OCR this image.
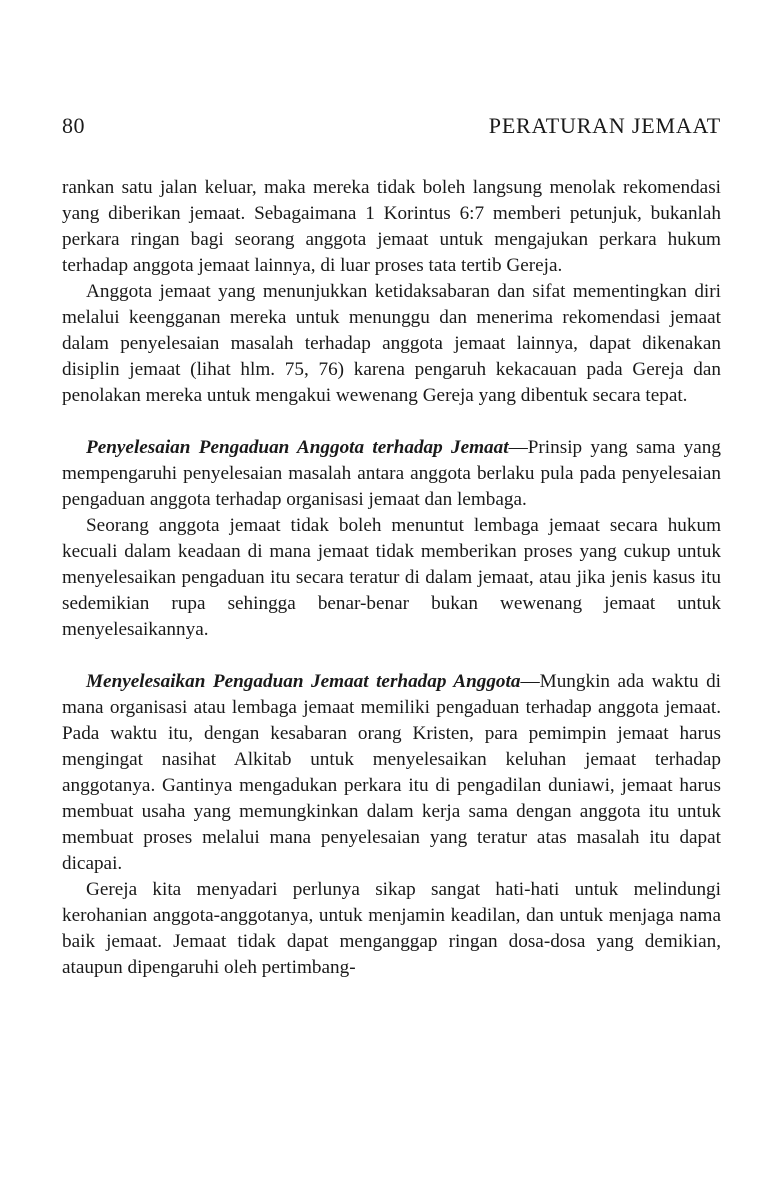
80	PERATURAN JEMAAT

rankan satu jalan keluar, maka mereka tidak boleh langsung menolak rekomendasi yang diberikan jemaat. Sebagaimana 1 Korintus 6:7 memberi petunjuk, bukanlah perkara ringan bagi seorang anggota jemaat untuk mengajukan perkara hukum terhadap anggota jemaat lainnya, di luar proses tata tertib Gereja.

Anggota jemaat yang menunjukkan ketidaksabaran dan sifat mementingkan diri melalui keengganan mereka untuk menunggu dan menerima rekomendasi jemaat dalam penyelesaian masalah terhadap anggota jemaat lainnya, dapat dikenakan disiplin jemaat (lihat hlm. 75, 76) karena pengaruh kekacauan pada Gereja dan penolakan mereka untuk mengakui wewenang Gereja yang dibentuk secara tepat.

Penyelesaian Pengaduan Anggota terhadap Jemaat—Prinsip yang sama yang mempengaruhi penyelesaian masalah antara anggota berlaku pula pada penyelesaian pengaduan anggota terhadap organisasi jemaat dan lembaga.

Seorang anggota jemaat tidak boleh menuntut lembaga jemaat secara hukum kecuali dalam keadaan di mana jemaat tidak memberikan proses yang cukup untuk menyelesaikan pengaduan itu secara teratur di dalam jemaat, atau jika jenis kasus itu sedemikian rupa sehingga benar-benar bukan wewenang jemaat untuk menyelesaikannya.

Menyelesaikan Pengaduan Jemaat terhadap Anggota—Mungkin ada waktu di mana organisasi atau lembaga jemaat memiliki pengaduan terhadap anggota jemaat. Pada waktu itu, dengan kesabaran orang Kristen, para pemimpin jemaat harus mengingat nasihat Alkitab untuk menyelesaikan keluhan jemaat terhadap anggotanya. Gantinya mengadukan perkara itu di pengadilan duniawi, jemaat harus membuat usaha yang memungkinkan dalam kerja sama dengan anggota itu untuk membuat proses melalui mana penyelesaian yang teratur atas masalah itu dapat dicapai.

Gereja kita menyadari perlunya sikap sangat hati-hati untuk melindungi kerohanian anggota-anggotanya, untuk menjamin keadilan, dan untuk menjaga nama baik jemaat. Jemaat tidak dapat menganggap ringan dosa-dosa yang demikian, ataupun dipengaruhi oleh pertimbang-
